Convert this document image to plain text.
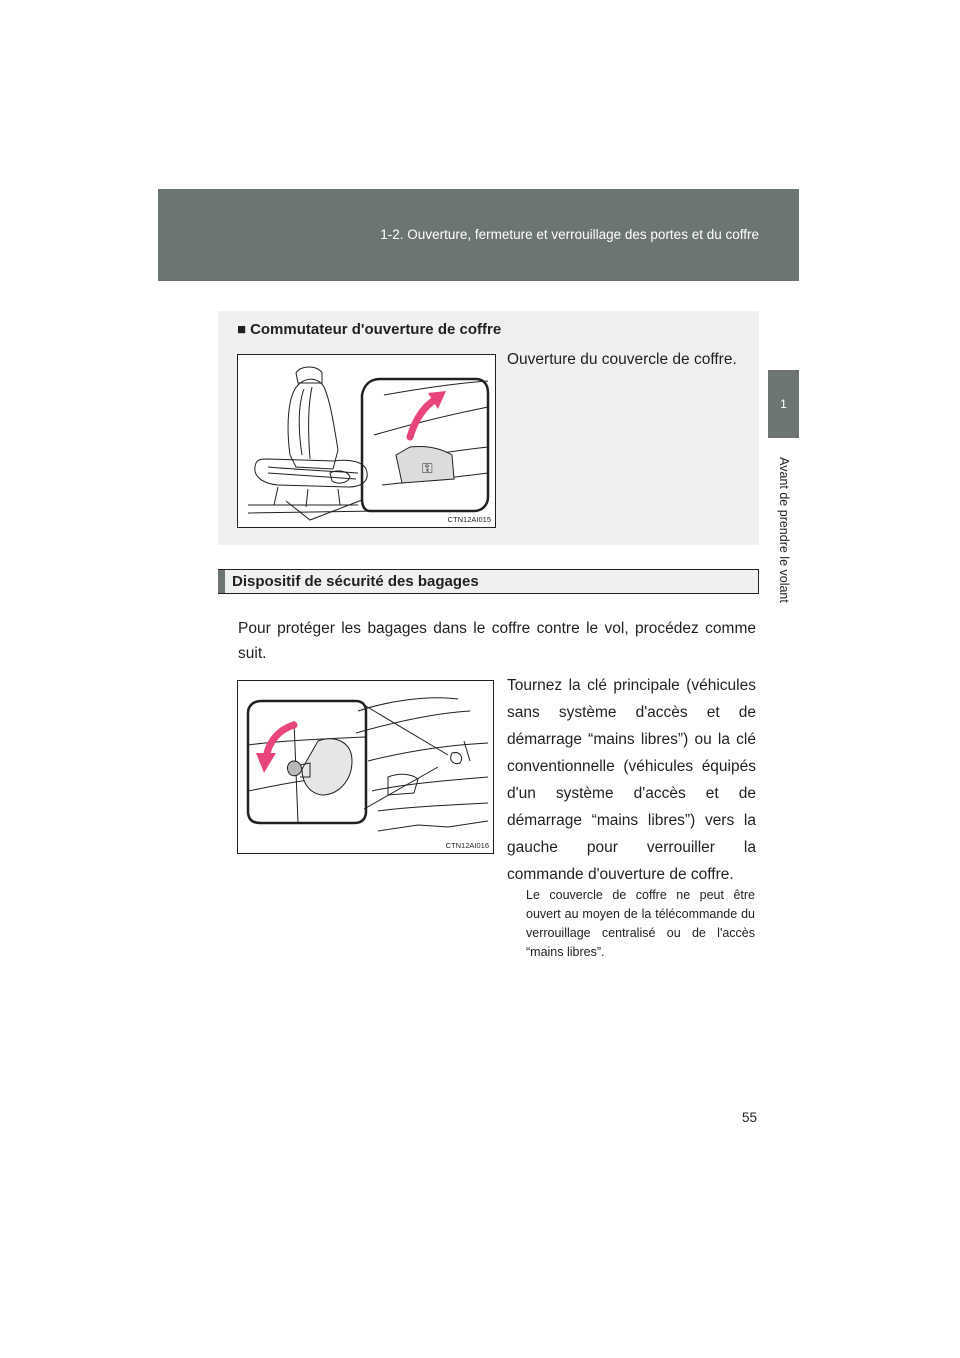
1-2. Ouverture, fermeture et verrouillage des portes et du coffre
1
Avant de prendre le volant
■ Commutateur d'ouverture de coffre
Ouverture du couvercle de coffre.
⚿
CTN12AI015
Dispositif de sécurité des bagages
Pour protéger les bagages dans le coffre contre le vol, procédez comme suit.
CTN12AI016
Tournez la clé principale (véhicules sans système d'accès et de démarrage “mains libres”) ou la clé conventionnelle (véhicules équipés d'un système d'accès et de démarrage “mains libres”) vers la gauche pour verrouiller la commande d'ouverture de coffre.
Le couvercle de coffre ne peut être ouvert au moyen de la télécommande du verrouillage centralisé ou de l'accès “mains libres”.
55
